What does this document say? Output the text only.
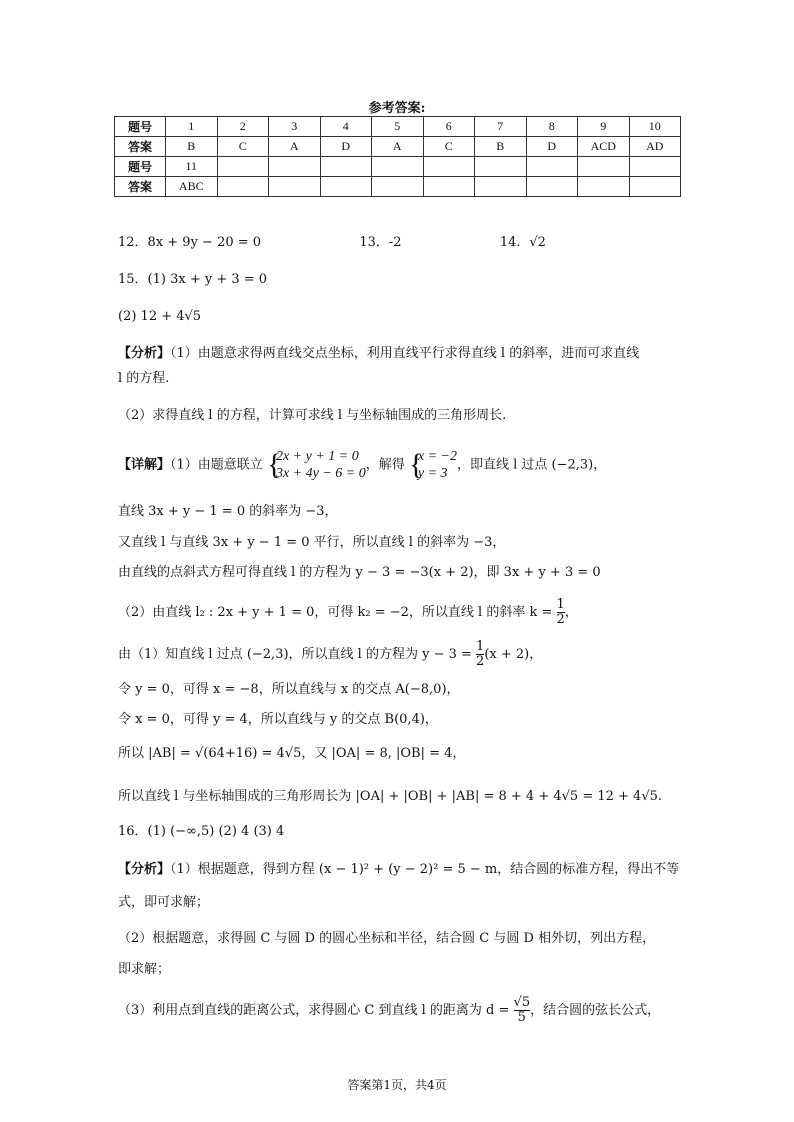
参考答案:
题号	1	2	3	4	5	6	7	8	9	10
答案	B	C	A	D	A	C	B	D	ACD	AD
题号	11									
答案	ABC									
12．8x + 9y − 20 = 0	13．-2	14．√2
15．(1) 3x + y + 3 = 0
(2) 12 + 4√5
【分析】（1）由题意求得两直线交点坐标，利用直线平行求得直线 l 的斜率，进而可求直线
l 的方程.
（2）求得直线 l 的方程，计算可求线 l 与坐标轴围成的三角形周长.
【详解】（1）由题意联立 {
2x + y + 1 = 0
3x + 4y − 6 = 0
，解得 {
x = −2
y = 3
，即直线 l 过点 (−2,3)，
直线 3x + y − 1 = 0 的斜率为 −3，
又直线 l 与直线 3x + y − 1 = 0 平行，所以直线 l 的斜率为 −3，
由直线的点斜式方程可得直线 l 的方程为 y − 3 = −3(x + 2)，即 3x + y + 3 = 0
（2）由直线 l₂ : 2x + y + 1 = 0，可得 k₂ = −2，所以直线 l 的斜率 $k = \frac{1}{2}$ ，
由（1）知直线 l 过点 (−2,3)，所以直线 l 的方程为 $y - 3 = \frac{1}{2} (x + 2)$，
令 y = 0，可得 x = −8，所以直线与 x 的交点 A(−8,0)，
令 x = 0，可得 y = 4，所以直线与 y 的交点 B(0,4)，
所以 |AB| = √(64+16) = 4√5，又 |OA| = 8, |OB| = 4，
所以直线 l 与坐标轴围成的三角形周长为 |OA| + |OB| + |AB| = 8 + 4 + 4√5 = 12 + 4√5.
16．(1) (−∞,5) (2) 4 (3) 4
【分析】（1）根据题意，得到方程 (x − 1)² + (y − 2)² = 5 − m，结合圆的标准方程，得出不等
式，即可求解；
（2）根据题意，求得圆 C 与圆 D 的圆心坐标和半径，结合圆 C 与圆 D 相外切，列出方程，
即求解；
（3）利用点到直线的距离公式，求得圆心 C 到直线 l 的距离为 $d = \frac{√5}{5}$ ，结合圆的弦长公式，
答案第1页，共4页
